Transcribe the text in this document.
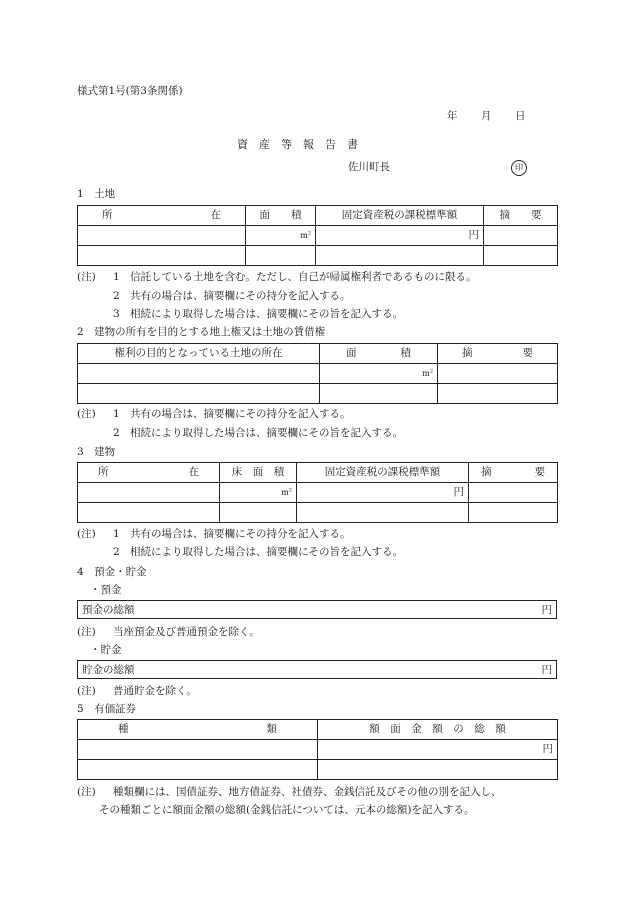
様式第1号(第3条関係)
年 月 日
資　産　等　報　告　書
佐川町長	印
1　土地
所 在	面　　積	固定資産税の課税標準額	摘　　要
	$m^2$	円	

(注) 1 信託している土地を含む。ただし、自己が帰属権利者であるものに限る。
2 共有の場合は、摘要欄にその持分を記入する。
3 相続により取得した場合は、摘要欄にその旨を記入する。
2　建物の所有を目的とする地上権又は土地の賃借権
権利の目的となっている土地の所在	面 積	摘 要

	$m^2$	

(注) 1 共有の場合は、摘要欄にその持分を記入する。
2 相続により取得した場合は、摘要欄にその旨を記入する。
3　建物
所 在	床　面　積	固定資産税の課税標準額	摘 要

	$m^2$	円	

(注) 1 共有の場合は、摘要欄にその持分を記入する。
2 相続により取得した場合は、摘要欄にその旨を記入する。
4　預金・貯金
・預金
預金の総額	円
(注) 当座預金及び普通預金を除く。
・貯金
貯金の総額	円
(注) 普通貯金を除く。
5　有価証券
種 類	額　面　金　額　の　総　額
	円

(注) 種類欄には、国債証券、地方債証券、社債券、金銭信託及びその他の別を記入し、
その種類ごとに額面金額の総額(金銭信託については、元本の総額)を記入する。
